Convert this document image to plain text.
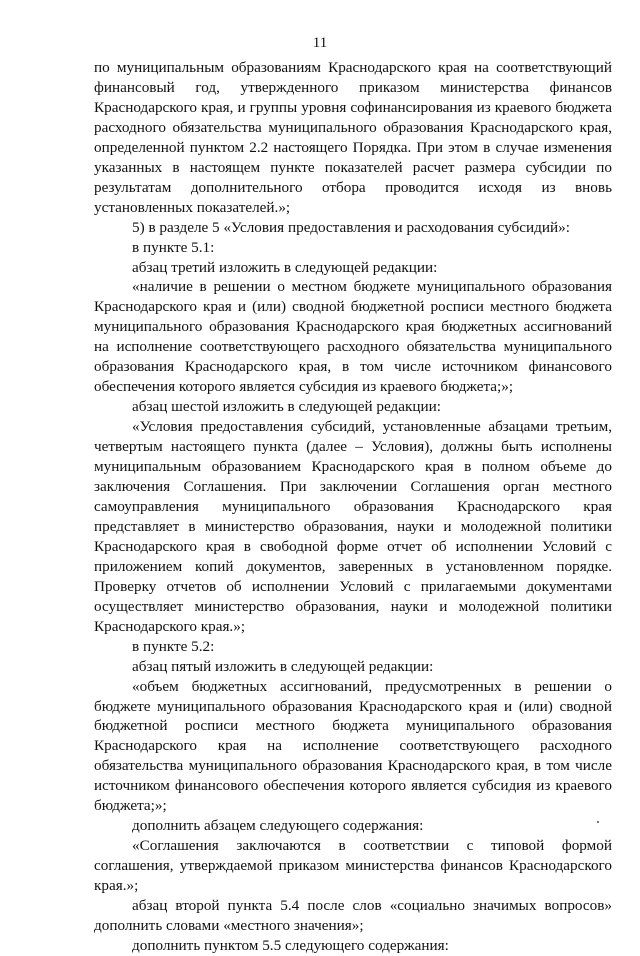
11

по муниципальным образованиям Краснодарского края на соответствующий финансовый год, утвержденного приказом министерства финансов Краснодарского края, и группы уровня софинансирования из краевого бюджета расходного обязательства муниципального образования Краснодарского края, определенной пунктом 2.2 настоящего Порядка. При этом в случае изменения указанных в настоящем пункте показателей расчет размера субсидии по результатам дополнительного отбора проводится исходя из вновь установленных показателей.»;

5) в разделе 5 «Условия предоставления и расходования субсидий»:

в пункте 5.1:

абзац третий изложить в следующей редакции:

«наличие в решении о местном бюджете муниципального образования Краснодарского края и (или) сводной бюджетной росписи местного бюджета муниципального образования Краснодарского края бюджетных ассигнований на исполнение соответствующего расходного обязательства муниципального образования Краснодарского края, в том числе источником финансового обеспечения которого является субсидия из краевого бюджета;»;

абзац шестой изложить в следующей редакции:

«Условия предоставления субсидий, установленные абзацами третьим, четвертым настоящего пункта (далее – Условия), должны быть исполнены муниципальным образованием Краснодарского края в полном объеме до заключения Соглашения. При заключении Соглашения орган местного самоуправления муниципального образования Краснодарского края представляет в министерство образования, науки и молодежной политики Краснодарского края в свободной форме отчет об исполнении Условий с приложением копий документов, заверенных в установленном порядке. Проверку отчетов об исполнении Условий с прилагаемыми документами осуществляет министерство образования, науки и молодежной политики Краснодарского края.»;

в пункте 5.2:

абзац пятый изложить в следующей редакции:

«объем бюджетных ассигнований, предусмотренных в решении о бюджете муниципального образования Краснодарского края и (или) сводной бюджетной росписи местного бюджета муниципального образования Краснодарского края на исполнение соответствующего расходного обязательства муниципального образования Краснодарского края, в том числе источником финансового обеспечения которого является субсидия из краевого бюджета;»;

дополнить абзацем следующего содержания:

«Соглашения заключаются в соответствии с типовой формой соглашения, утверждаемой приказом министерства финансов Краснодарского края.»;

абзац второй пункта 5.4 после слов «социально значимых вопросов» дополнить словами «местного значения»;

дополнить пунктом 5.5 следующего содержания:
